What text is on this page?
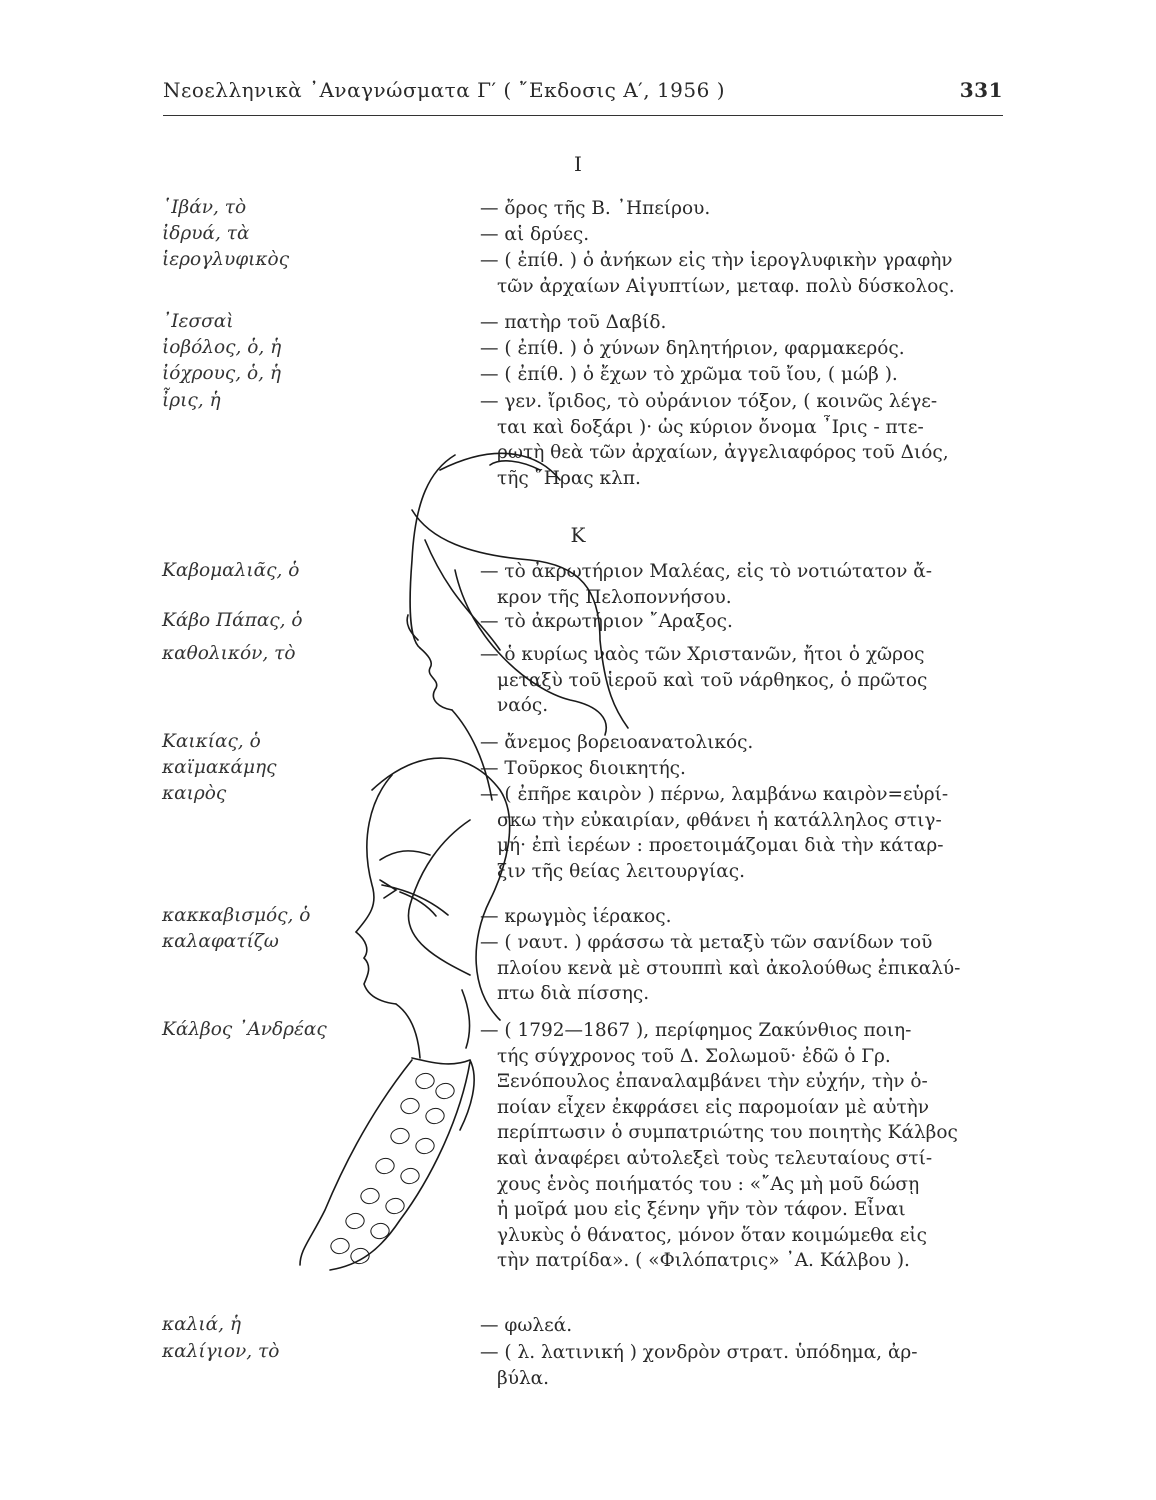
Νεοελληνικὰ ᾿Αναγνώσματα Γ′ ( ῎Εκδοσις Α′, 1956 )	331
Ι
῾Ιβάν, τὸ	— ὄρος τῆς Β. ᾿Ηπείρου.
ἰδρυά, τὰ	— αἱ δρύες.
ἱερογλυφικὸς	— ( ἐπίθ. ) ὁ ἀνήκων εἰς τὴν ἱερογλυφικὴν γραφὴν
τῶν ἀρχαίων Αἰγυπτίων, μεταφ. πολὺ δύσκολος.
᾿Ιεσσαὶ	— πατὴρ τοῦ Δαβίδ.
ἰοβόλος, ὁ, ἡ	— ( ἐπίθ. ) ὁ χύνων δηλητήριον, φαρμακερός.
ἰόχρους, ὁ, ἡ	— ( ἐπίθ. ) ὁ ἔχων τὸ χρῶμα τοῦ ἴου, ( μώβ ).
ἶρις, ἡ	— γεν. ἴριδος, τὸ οὐράνιον τόξον, ( κοινῶς λέγε-
ται καὶ δοξάρι )· ὡς κύριον ὄνομα ῏Ιρις - πτε-
ρωτὴ θεὰ τῶν ἀρχαίων, ἀγγελιαφόρος τοῦ Διός,
τῆς ῞Ηρας κλπ.
Κ
Καβομαλιᾶς, ὁ	— τὸ ἀκρωτήριον Μαλέας, εἰς τὸ νοτιώτατον ἄ-
κρον τῆς Πελοποννήσου.
Κάβο Πάπας, ὁ	— τὸ ἀκρωτήριον ῎Αραξος.
καθολικόν, τὸ	— ὁ κυρίως ναὸς τῶν Χριστανῶν, ἤτοι ὁ χῶρος
μεταξὺ τοῦ ἱεροῦ καὶ τοῦ νάρθηκος, ὁ πρῶτος
ναός.
Καικίας, ὁ	— ἄνεμος βορειοανατολικός.
καϊμακάμης	— Τοῦρκος διοικητής.
καιρὸς	— ( ἐπῆρε καιρὸν ) πέρνω, λαμβάνω καιρὸν=εὑρί-
σκω τὴν εὐκαιρίαν, φθάνει ἡ κατάλληλος στιγ-
μή· ἐπὶ ἱερέων : προετοιμάζομαι διὰ τὴν κάταρ-
ξιν τῆς θείας λειτουργίας.
κακκαβισμός, ὁ	— κρωγμὸς ἱέρακος.
καλαφατίζω	— ( ναυτ. ) φράσσω τὰ μεταξὺ τῶν σανίδων τοῦ
πλοίου κενὰ μὲ στουππὶ καὶ ἀκολούθως ἐπικαλύ-
πτω διὰ πίσσης.
Κάλβος ᾿Ανδρέας	— ( 1792—1867 ), περίφημος Ζακύνθιος ποιη-
τής σύγχρονος τοῦ Δ. Σολωμοῦ· ἐδῶ ὁ Γρ.
Ξενόπουλος ἐπαναλαμβάνει τὴν εὐχήν, τὴν ὁ-
ποίαν εἶχεν ἐκφράσει εἰς παρομοίαν μὲ αὐτὴν
περίπτωσιν ὁ συμπατριώτης του ποιητὴς Κάλβος
καὶ ἀναφέρει αὐτολεξεὶ τοὺς τελευταίους στί-
χους ἑνὸς ποιήματός του : «῎Ας μὴ μοῦ δώσῃ
ἡ μοῖρά μου εἰς ξένην γῆν τὸν τάφον. Εἶναι
γλυκὺς ὁ θάνατος, μόνον ὅταν κοιμώμεθα εἰς
τὴν πατρίδα». ( «Φιλόπατρις» ᾿Α. Κάλβου ).
καλιά, ἡ	— φωλεά.
καλίγιον, τὸ	— ( λ. λατινική ) χονδρὸν στρατ. ὑπόδημα, ἀρ-
βύλα.
